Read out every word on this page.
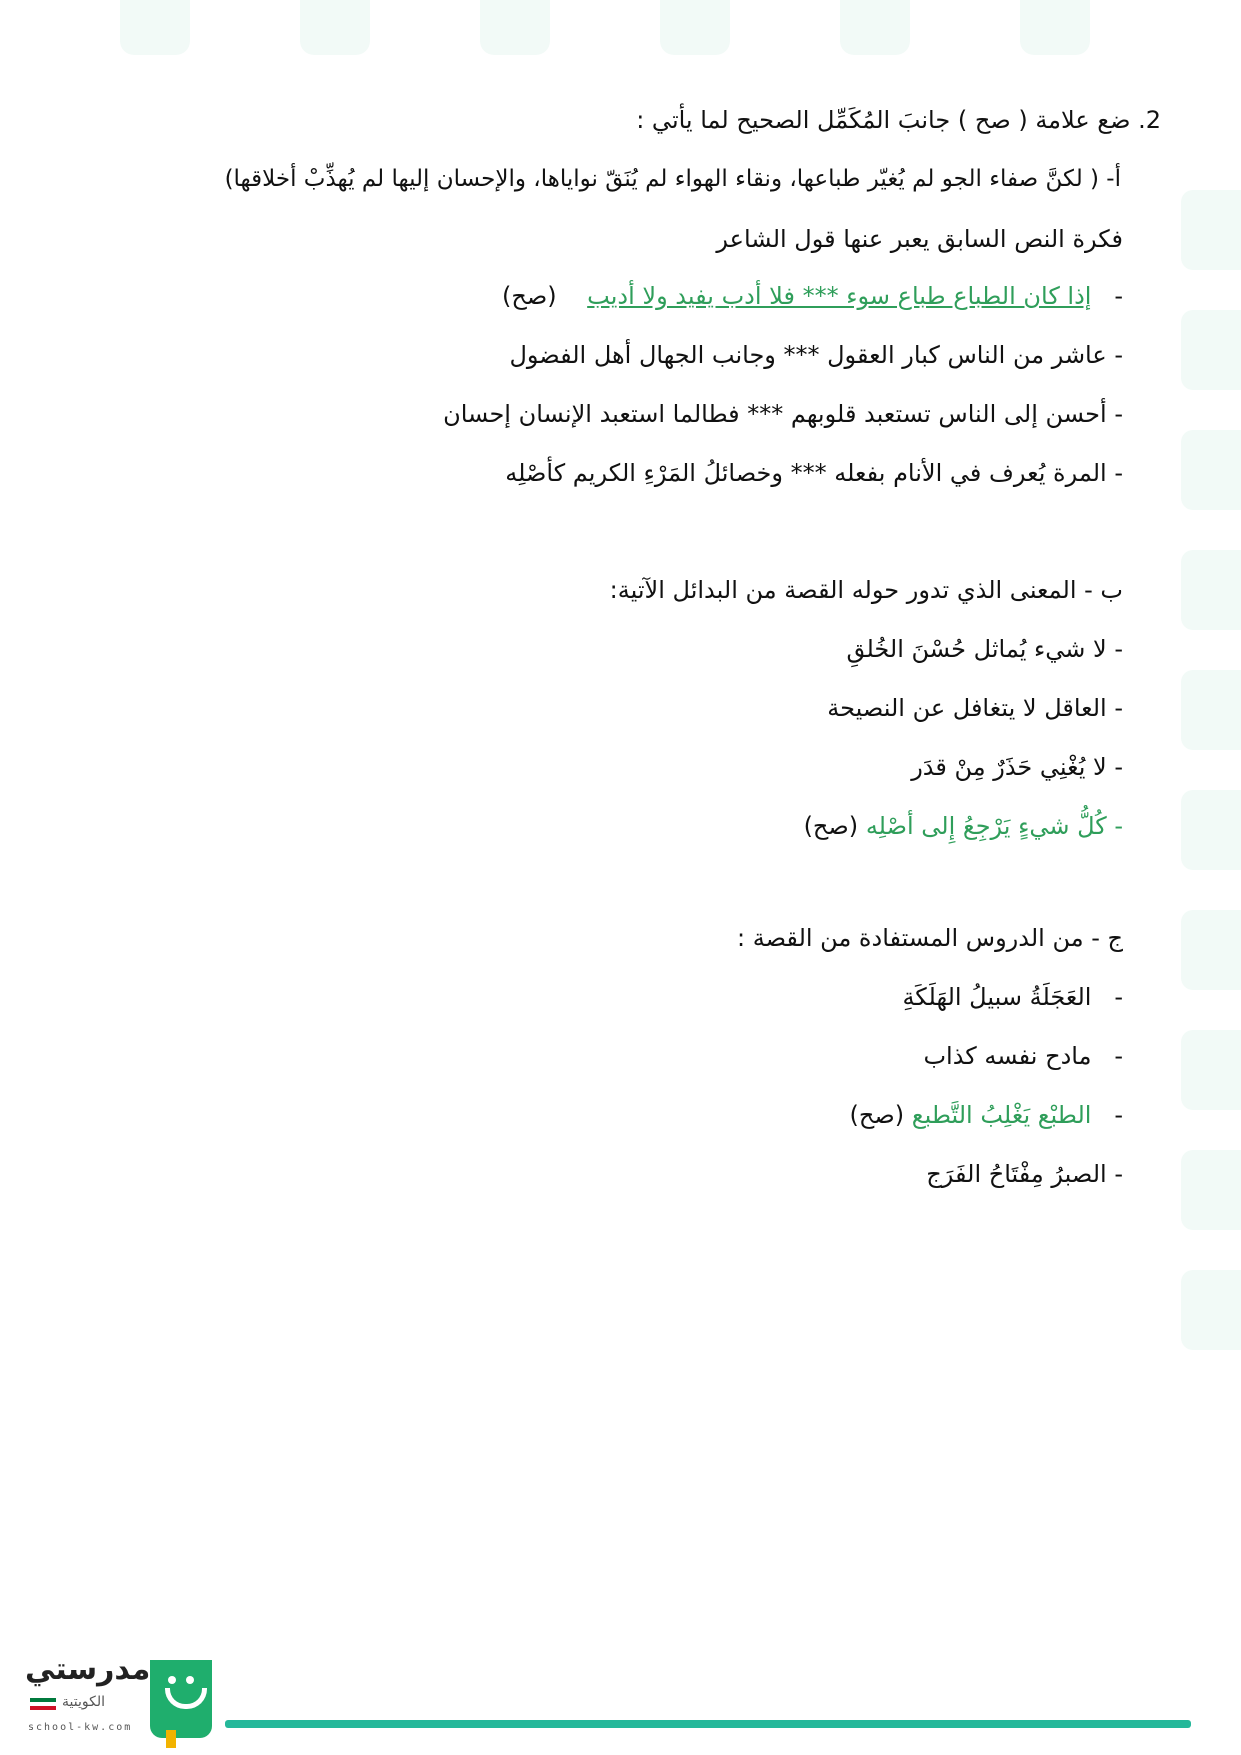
2. ضع علامة ( صح ) جانبَ المُكَمِّل الصحيح لما يأتي :
أ- ( لكنَّ صفاء الجو لم يُغيّر طباعها، ونقاء الهواء لم يُنَقّ نواياها، والإحسان إليها لم يُهذِّبْ أخلاقها)
فكرة النص السابق يعبر عنها قول الشاعر
-   إذا كان الطباع طباع سوء *** فلا أدب يفيد ولا أديب    (صح)
- عاشر من الناس كبار العقول *** وجانب الجهال أهل الفضول
- أحسن إلى الناس تستعبد قلوبهم *** فطالما استعبد الإنسان إحسان
- المرة يُعرف في الأنام بفعله *** وخصائلُ المَرْءِ الكريم كأصْلِه
ب - المعنى الذي تدور حوله القصة من البدائل الآتية:
- لا شيء يُماثل حُسْنَ الخُلقِ
- العاقل لا يتغافل عن النصيحة
- لا يُغْنِي حَذَرٌ مِنْ قدَر
- كُلُّ شيءٍ يَرْجِعُ إِلى أصْلِه (صح)
ج - من الدروس المستفادة من القصة :
-   العَجَلَةُ سبيلُ الهَلَكَةِ
-   مادح نفسه كذاب
-   الطبْع يَغْلِبُ التَّطبع (صح)
- الصبرُ مِفْتَاحُ الفَرَج
مدرستي
الكويتية
school-kw.com
